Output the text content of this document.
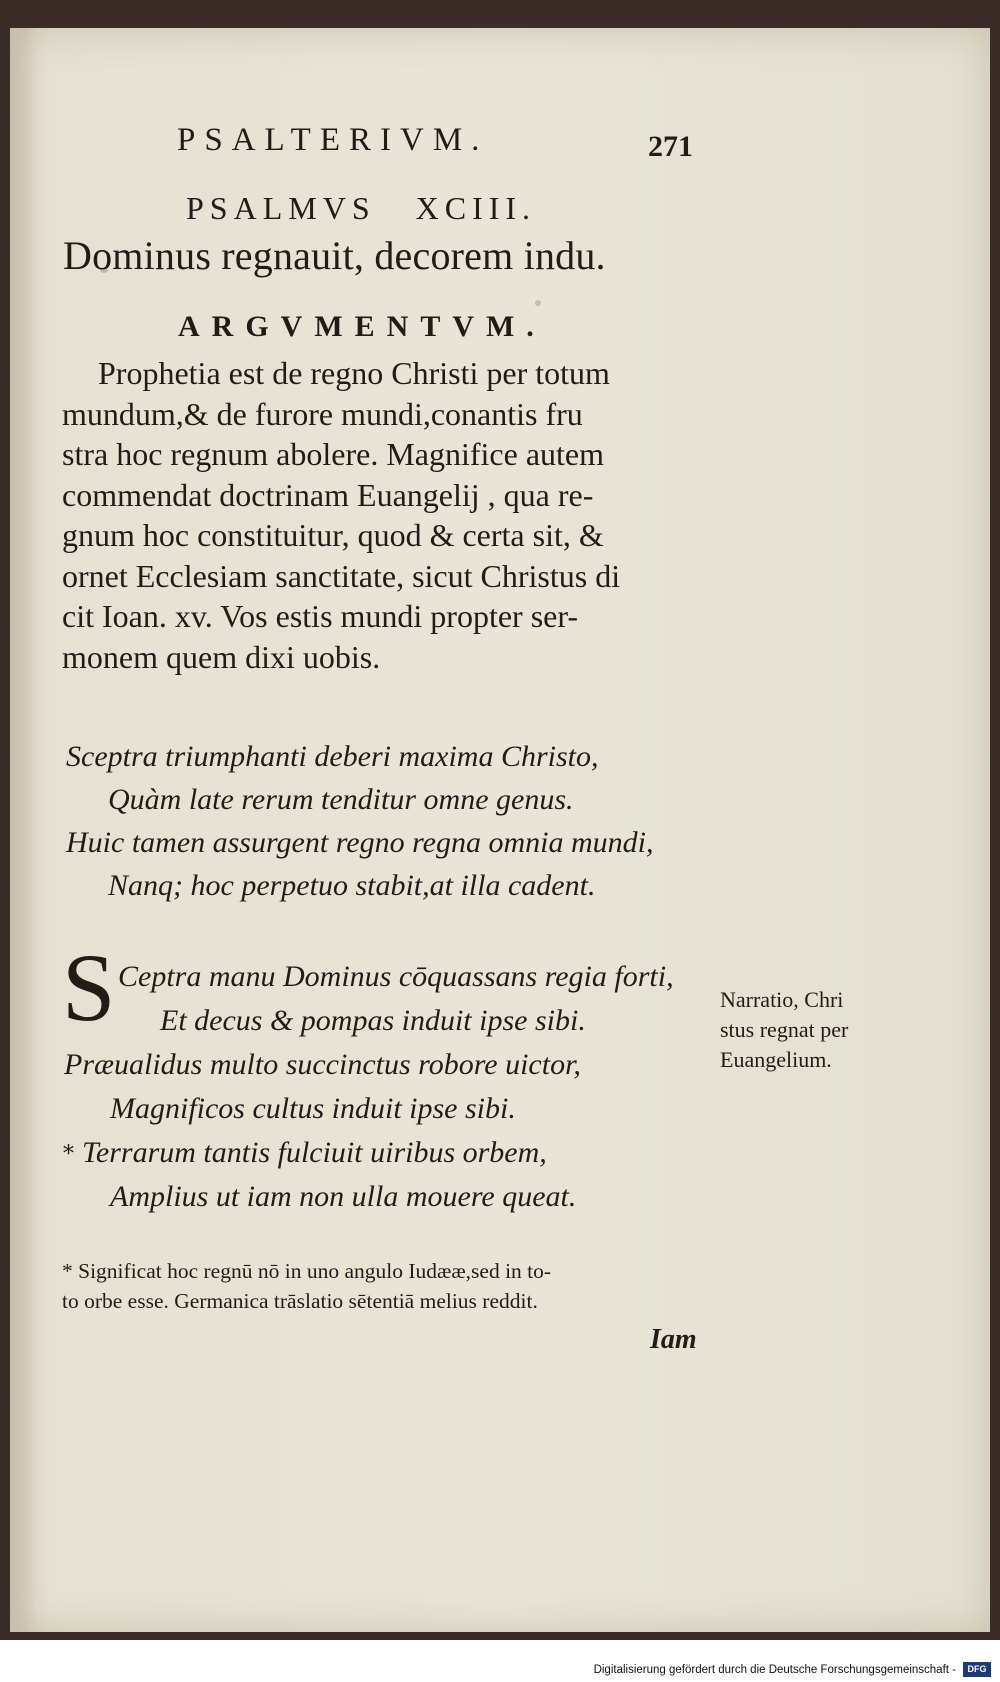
PSALTERIVM.	271
PSALMVS XCIII.
Dominus regnauit, decorem indu.
ARGVMENTVM.
Prophetia est de regno Christi per totum
mundum,& de furore mundi,conantis fru
stra hoc regnum abolere. Magnifice autem
commendat doctrinam Euangelij , qua re-
gnum hoc constituitur, quod & certa sit, &
ornet Ecclesiam sanctitate, sicut Christus di
cit Ioan. xv. Vos estis mundi propter ser-
monem quem dixi uobis.
Sceptra triumphanti deberi maxima Christo,
Quàm late rerum tenditur omne genus.
Huic tamen assurgent regno regna omnia mundi,
Nanq; hoc perpetuo stabit,at illa cadent.
S Ceptra manu Dominus cōquassans regia forti,
Et decus & pompas induit ipse sibi.
Præualidus multo succinctus robore uictor,
Magnificos cultus induit ipse sibi.
Terrarum tantis fulciuit uiribus orbem,
Amplius ut iam non ulla mouere queat.
*
Narratio, Chri
stus regnat per
Euangelium.
* Significat hoc regnū nō in uno angulo Iudææ,sed in to-
to orbe esse. Germanica trāslatio sētentiā melius reddit.
Iam
Digitalisierung gefördert durch die Deutsche Forschungsgemeinschaft -	DFG
